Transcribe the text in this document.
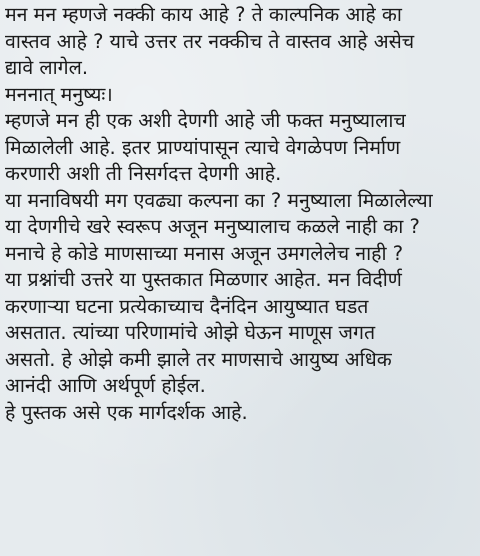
मन मन म्हणजे नक्की काय आहे ? ते काल्पनिक आहे का
वास्तव आहे ? याचे उत्तर तर नक्कीच ते वास्तव आहे असेच
द्यावे लागेल.
मननात् मनुष्यः।
म्हणजे मन ही एक अशी देणगी आहे जी फक्त मनुष्यालाच
मिळालेली आहे. इतर प्राण्यांपासून त्याचे वेगळेपण निर्माण
करणारी अशी ती निसर्गदत्त देणगी आहे.
या मनाविषयी मग एवढ्या कल्पना का ? मनुष्याला मिळालेल्या
या देणगीचे खरे स्वरूप अजून मनुष्यालाच कळले नाही का ?
मनाचे हे कोडे माणसाच्या मनास अजून उमगलेलेच नाही ?
या प्रश्नांची उत्तरे या पुस्तकात मिळणार आहेत. मन विदीर्ण
करणाऱ्या घटना प्रत्येकाच्याच दैनंदिन आयुष्यात घडत
असतात. त्यांच्या परिणामांचे ओझे घेऊन माणूस जगत
असतो. हे ओझे कमी झाले तर माणसाचे आयुष्य अधिक
आनंदी आणि अर्थपूर्ण होईल.
हे पुस्तक असे एक मार्गदर्शक आहे.
